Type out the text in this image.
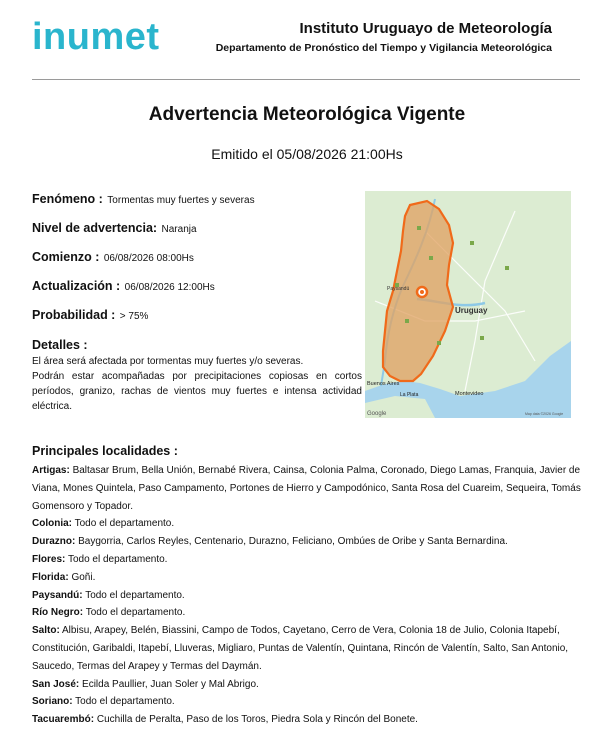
inumet	Instituto Uruguayo de Meteorología
Departamento de Pronóstico del Tiempo y Vigilancia Meteorológica
Advertencia Meteorológica Vigente
Emitido el 05/08/2026 21:00Hs
Fenómeno : Tormentas muy fuertes y severas
Nivel de advertencia: Naranja
Comienzo : 06/08/2026 08:00Hs
Actualización : 06/08/2026 12:00Hs
Probabilidad : > 75%
Detalles :

El área será afectada por tormentas muy fuertes y/o severas.

Podrán estar acompañadas por precipitaciones copiosas en cortos períodos, granizo, rachas de vientos muy fuertes e intensa actividad eléctrica.

Paysandú
Uruguay
Buenos Aires
Montevideo
La Plata
Google	Map data ©2026 Google
Principales localidades :
Artigas: Baltasar Brum, Bella Unión, Bernabé Rivera, Cainsa, Colonia Palma, Coronado, Diego Lamas, Franquia, Javier de Viana, Mones Quintela, Paso Campamento, Portones de Hierro y Campodónico, Santa Rosa del Cuareim, Sequeira, Tomás Gomensoro y Topador.
Colonia: Todo el departamento.
Durazno: Baygorria, Carlos Reyles, Centenario, Durazno, Feliciano, Ombúes de Oribe y Santa Bernardina.
Flores: Todo el departamento.
Florida: Goñi.
Paysandú: Todo el departamento.
Río Negro: Todo el departamento.
Salto: Albisu, Arapey, Belén, Biassini, Campo de Todos, Cayetano, Cerro de Vera, Colonia 18 de Julio, Colonia Itapebí, Constitución, Garibaldi, Itapebí, Lluveras, Migliaro, Puntas de Valentín, Quintana, Rincón de Valentín, Salto, San Antonio, Saucedo, Termas del Arapey y Termas del Daymán.
San José: Ecilda Paullier, Juan Soler y Mal Abrigo.
Soriano: Todo el departamento.
Tacuarembó: Cuchilla de Peralta, Paso de los Toros, Piedra Sola y Rincón del Bonete.
